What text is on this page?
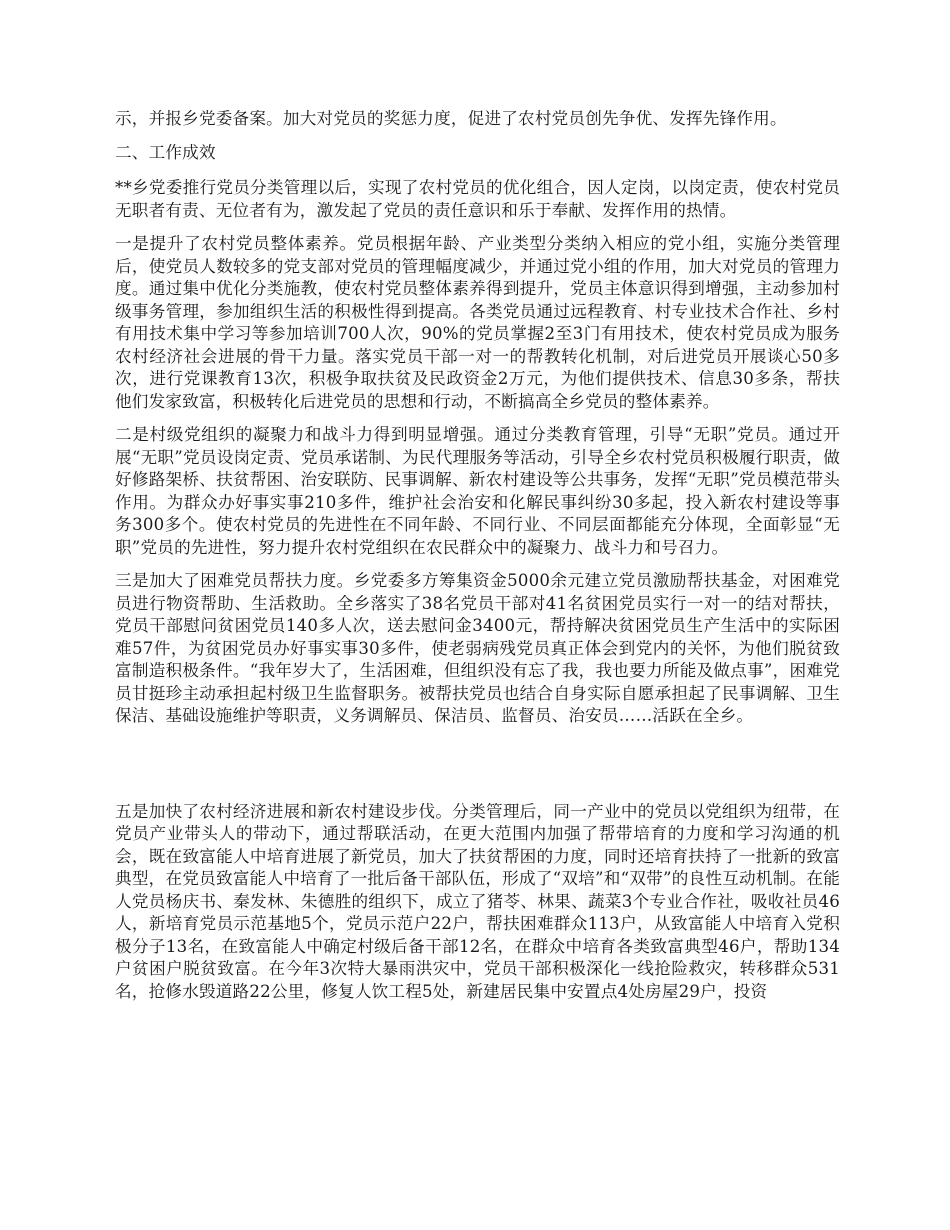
示，并报乡党委备案。加大对党员的奖惩力度，促进了农村党员创先争优、发挥先锋作用。

二、工作成效

**乡党委推行党员分类管理以后，实现了农村党员的优化组合，因人定岗，以岗定责，使农村党员无职者有责、无位者有为，激发起了党员的责任意识和乐于奉献、发挥作用的热情。

一是提升了农村党员整体素养。党员根据年龄、产业类型分类纳入相应的党小组，实施分类管理后，使党员人数较多的党支部对党员的管理幅度减少，并通过党小组的作用，加大对党员的管理力度。通过集中优化分类施教，使农村党员整体素养得到提升，党员主体意识得到增强，主动参加村级事务管理，参加组织生活的积极性得到提高。各类党员通过远程教育、村专业技术合作社、乡村有用技术集中学习等参加培训700人次，90%的党员掌握2至3门有用技术，使农村党员成为服务农村经济社会进展的骨干力量。落实党员干部一对一的帮教转化机制，对后进党员开展谈心50多次，进行党课教育13次，积极争取扶贫及民政资金2万元，为他们提供技术、信息30多条，帮扶他们发家致富，积极转化后进党员的思想和行动，不断搞高全乡党员的整体素养。

二是村级党组织的凝聚力和战斗力得到明显增强。通过分类教育管理，引导“无职”党员。通过开展“无职”党员设岗定责、党员承诺制、为民代理服务等活动，引导全乡农村党员积极履行职责，做好修路架桥、扶贫帮困、治安联防、民事调解、新农村建设等公共事务，发挥“无职”党员模范带头作用。为群众办好事实事210多件，维护社会治安和化解民事纠纷30多起，投入新农村建设等事务300多个。使农村党员的先进性在不同年龄、不同行业、不同层面都能充分体现，全面彰显“无职”党员的先进性，努力提升农村党组织在农民群众中的凝聚力、战斗力和号召力。

三是加大了困难党员帮扶力度。乡党委多方筹集资金5000余元建立党员激励帮扶基金，对困难党员进行物资帮助、生活救助。全乡落实了38名党员干部对41名贫困党员实行一对一的结对帮扶，党员干部慰问贫困党员140多人次，送去慰问金3400元，帮持解决贫困党员生产生活中的实际困难57件，为贫困党员办好事实事30多件，使老弱病残党员真正体会到党内的关怀，为他们脱贫致富制造积极条件。“我年岁大了，生活困难，但组织没有忘了我，我也要力所能及做点事”，困难党员甘挺珍主动承担起村级卫生监督职务。被帮扶党员也结合自身实际自愿承担起了民事调解、卫生保洁、基础设施维护等职责，义务调解员、保洁员、监督员、治安员……活跃在全乡。

五是加快了农村经济进展和新农村建设步伐。分类管理后，同一产业中的党员以党组织为纽带，在党员产业带头人的带动下，通过帮联活动，在更大范围内加强了帮带培育的力度和学习沟通的机会，既在致富能人中培育进展了新党员，加大了扶贫帮困的力度，同时还培育扶持了一批新的致富典型，在党员致富能人中培育了一批后备干部队伍，形成了“双培”和“双带”的良性互动机制。在能人党员杨庆书、秦发林、朱德胜的组织下，成立了猪苓、林果、蔬菜3个专业合作社，吸收社员46人，新培育党员示范基地5个，党员示范户22户，帮扶困难群众113户，从致富能人中培育入党积极分子13名，在致富能人中确定村级后备干部12名，在群众中培育各类致富典型46户，帮助134户贫困户脱贫致富。在今年3次特大暴雨洪灾中，党员干部积极深化一线抢险救灾，转移群众531名，抢修水毁道路22公里，修复人饮工程5处，新建居民集中安置点4处房屋29户，投资
